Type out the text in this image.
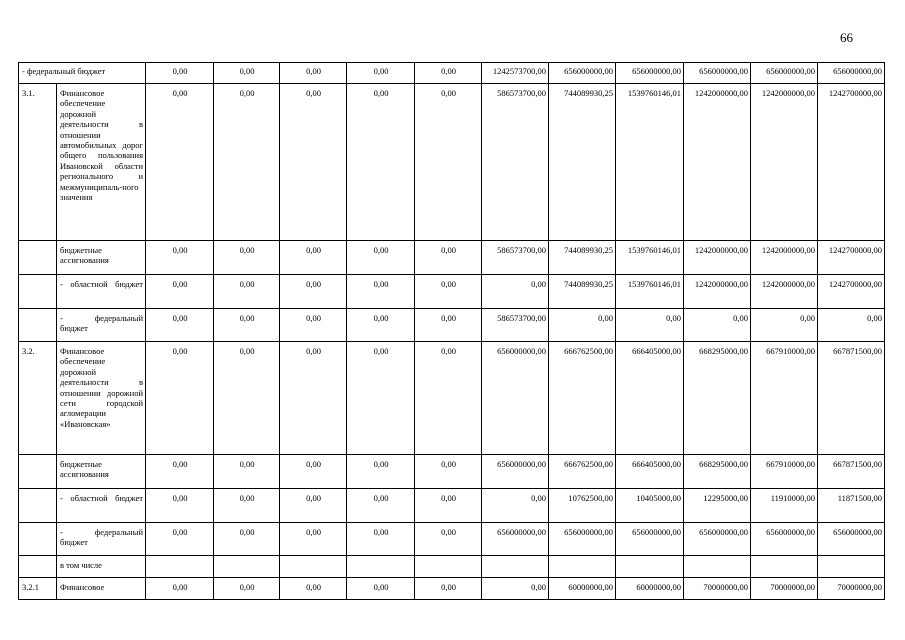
66
- федеральный бюджет		0,00	0,00	0,00	0,00	0,00	1242573700,00	656000000,00	656000000,00	656000000,00	656000000,00	656000000,00
3.1.	Финансовое обеспечение дорожной деятельности в отношении автомобильных дорог общего пользования Ивановской области регионального и межмуниципаль-ного значения	0,00	0,00	0,00	0,00	0,00	586573700,00	744089930,25	1539760146,01	1242000000,00	1242000000,00	1242700000,00
	бюджетные ассигнования	0,00	0,00	0,00	0,00	0,00	586573700,00	744089930,25	1539760146,01	1242000000,00	1242000000,00	1242700000,00
	- областной бюджет	0,00	0,00	0,00	0,00	0,00	0,00	744089930,25	1539760146,01	1242000000,00	1242000000,00	1242700000,00
	- федеральный бюджет	0,00	0,00	0,00	0,00	0,00	586573700,00	0,00	0,00	0,00	0,00	0,00
3.2.	Финансовое обеспечение дорожной деятельности в отношении дорожной сети городской агломерации «Ивановская»	0,00	0,00	0,00	0,00	0,00	656000000,00	666762500,00	666405000,00	668295000,00	667910000,00	667871500,00
	бюджетные ассигнования	0,00	0,00	0,00	0,00	0,00	656000000,00	666762500,00	666405000,00	668295000,00	667910000,00	667871500,00
	- областной бюджет	0,00	0,00	0,00	0,00	0,00	0,00	10762500,00	10405000,00	12295000,00	11910000,00	11871500,00
	- федеральный бюджет	0,00	0,00	0,00	0,00	0,00	656000000,00	656000000,00	656000000,00	656000000,00	656000000,00	656000000,00
	в том числе											
3.2.1	Финансовое	0,00	0,00	0,00	0,00	0,00	0,00	60000000,00	60000000,00	70000000,00	70000000,00	70000000,00
